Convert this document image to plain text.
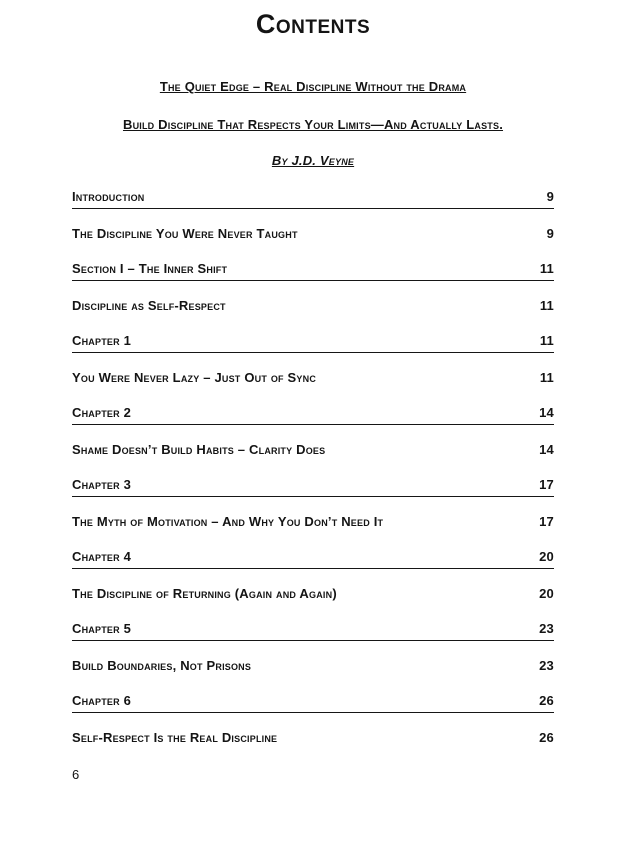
Contents
The Quiet Edge – Real Discipline Without the Drama
Build Discipline That Respects Your Limits—And Actually Lasts.
By J.D. Veyne
Introduction	9
The Discipline You Were Never Taught	9
Section I – The Inner Shift	11
Discipline as Self-Respect	11
Chapter 1	11
You Were Never Lazy – Just Out of Sync	11
Chapter 2	14
Shame Doesn’t Build Habits – Clarity Does	14
Chapter 3	17
The Myth of Motivation – And Why You Don’t Need It	17
Chapter 4	20
The Discipline of Returning (Again and Again)	20
Chapter 5	23
Build Boundaries, Not Prisons	23
Chapter 6	26
Self-Respect Is the Real Discipline	26
6
